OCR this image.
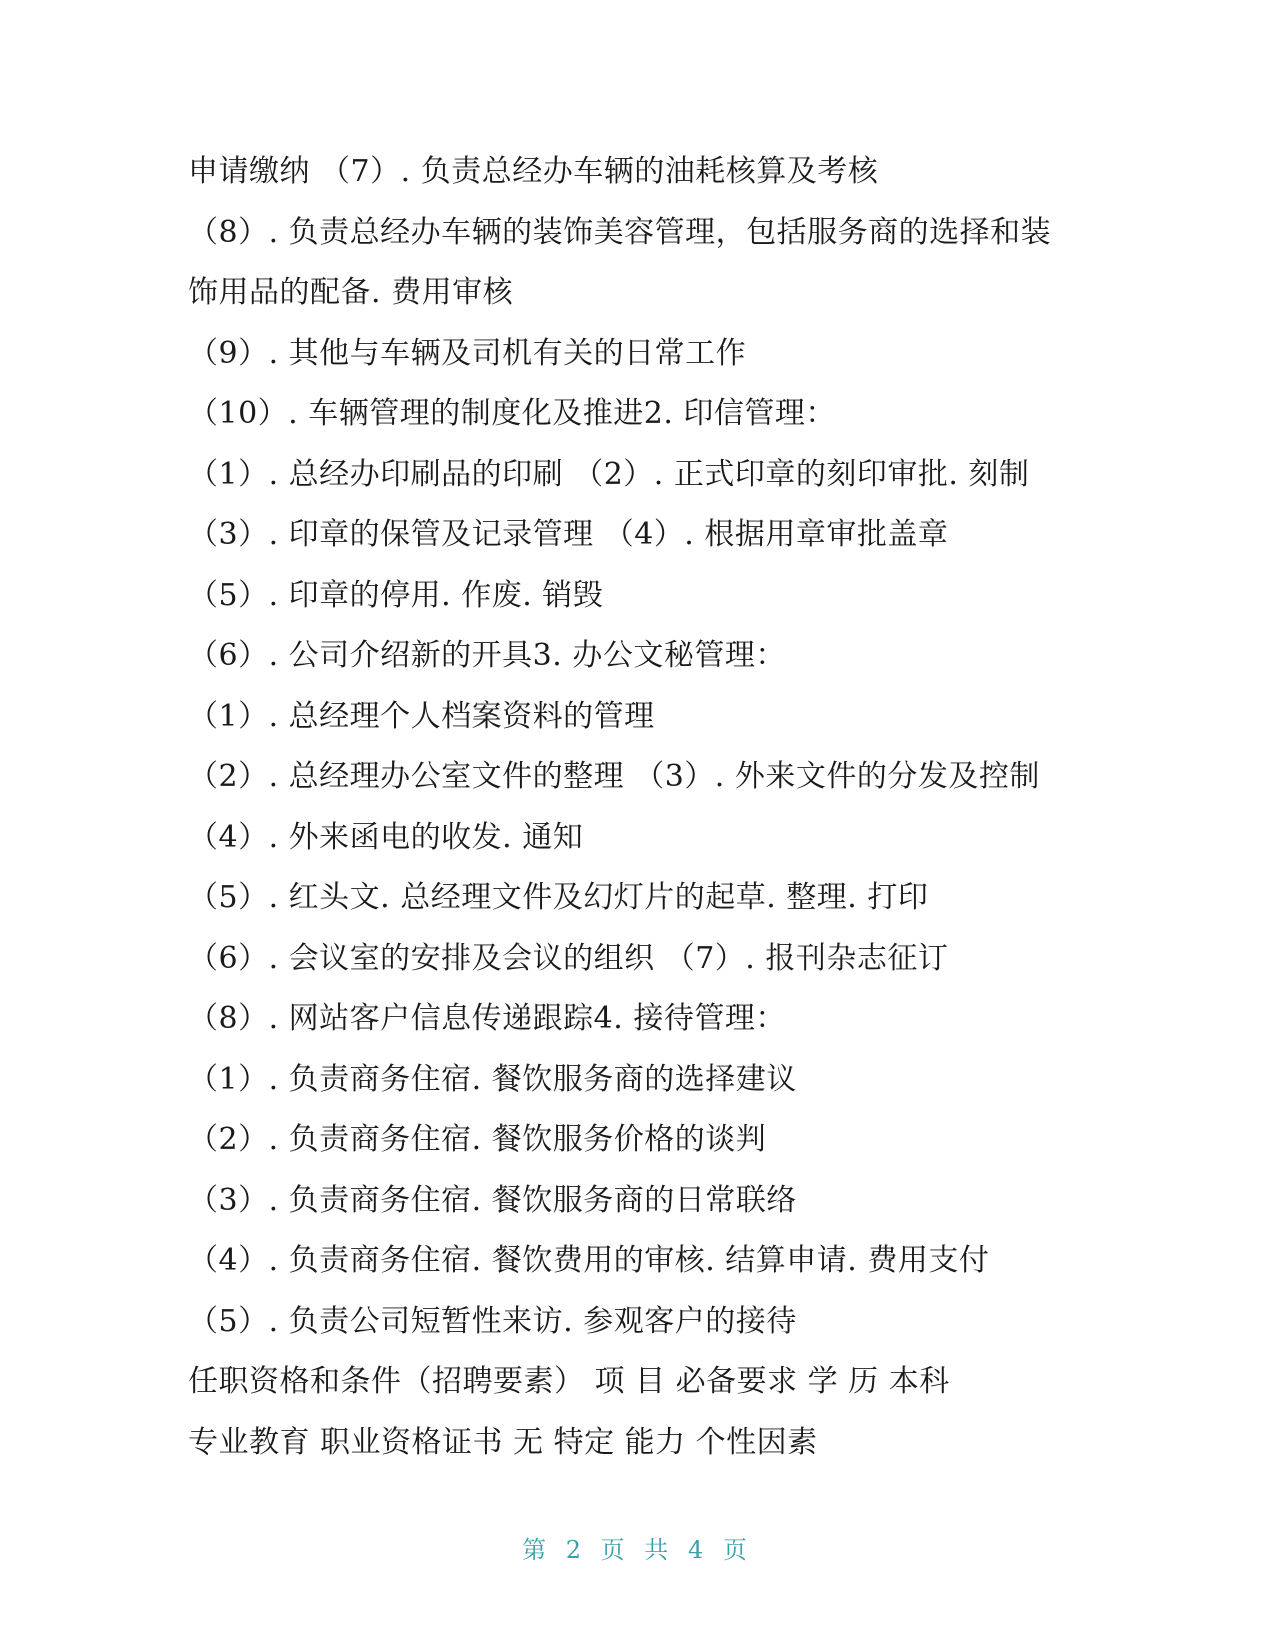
申请缴纳 （7）. 负责总经办车辆的油耗核算及考核
（8）. 负责总经办车辆的装饰美容管理，包括服务商的选择和装
饰用品的配备. 费用审核
（9）. 其他与车辆及司机有关的日常工作
（10）. 车辆管理的制度化及推进2. 印信管理：
（1）. 总经办印刷品的印刷 （2）. 正式印章的刻印审批. 刻制
（3）. 印章的保管及记录管理 （4）. 根据用章审批盖章
（5）. 印章的停用. 作废. 销毁
（6）. 公司介绍新的开具3. 办公文秘管理：
（1）. 总经理个人档案资料的管理
（2）. 总经理办公室文件的整理 （3）. 外来文件的分发及控制
（4）. 外来函电的收发. 通知
（5）. 红头文. 总经理文件及幻灯片的起草. 整理. 打印
（6）. 会议室的安排及会议的组织 （7）. 报刊杂志征订
（8）. 网站客户信息传递跟踪4. 接待管理：
（1）. 负责商务住宿. 餐饮服务商的选择建议
（2）. 负责商务住宿. 餐饮服务价格的谈判
（3）. 负责商务住宿. 餐饮服务商的日常联络
（4）. 负责商务住宿. 餐饮费用的审核. 结算申请. 费用支付
（5）. 负责公司短暂性来访. 参观客户的接待
任职资格和条件（招聘要素） 项 目 必备要求 学 历 本科
专业教育 职业资格证书 无 特定 能力 个性因素
第 2 页 共 4 页
